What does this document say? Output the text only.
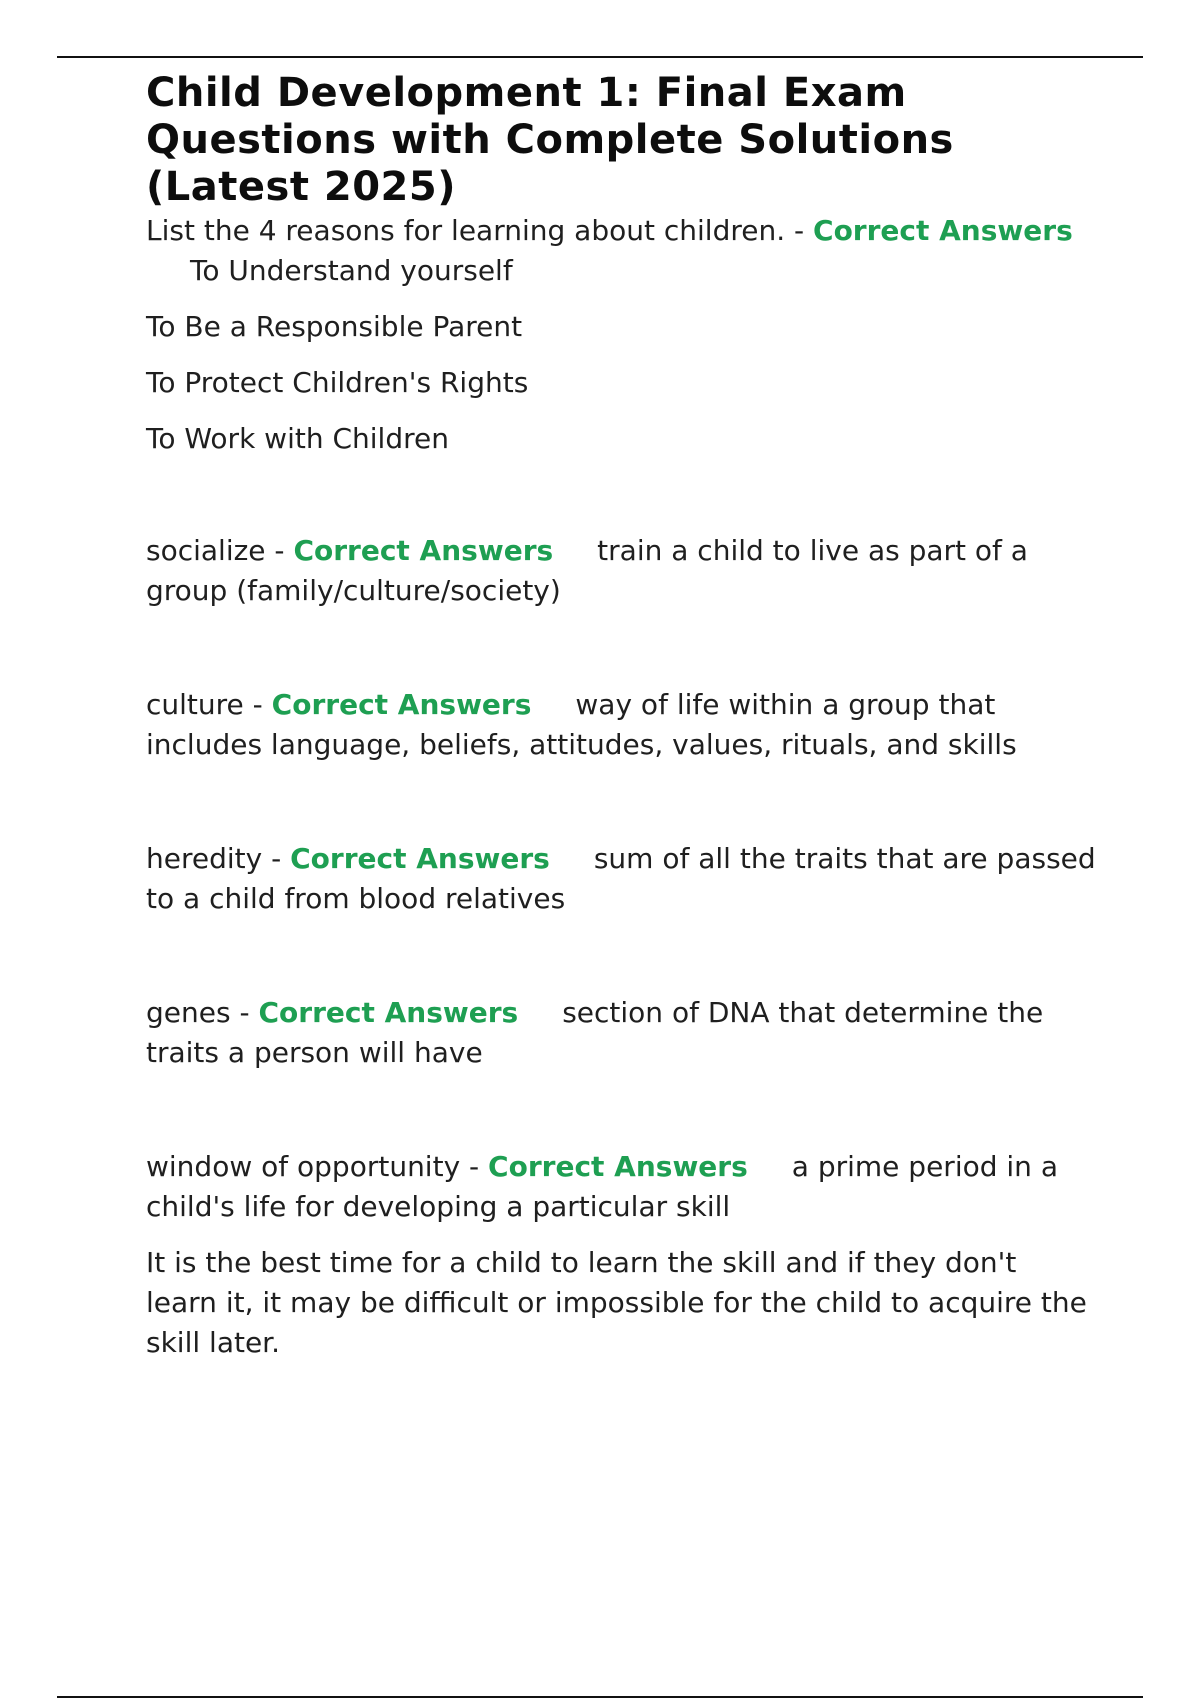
Child Development 1: Final Exam Questions with Complete Solutions (Latest 2025)

List the 4 reasons for learning about children. - Correct AnswersTo Understand yourself

To Be a Responsible Parent

To Protect Children's Rights

To Work with Children

socialize - Correct Answers train a child to live as part of a group (family/culture/society)

culture - Correct Answers way of life within a group that includes language, beliefs, attitudes, values, rituals, and skills

heredity - Correct Answers sum of all the traits that are passed to a child from blood relatives

genes - Correct Answers section of DNA that determine the traits a person will have

window of opportunity - Correct Answers a prime period in a child's life for developing a particular skill

It is the best time for a child to learn the skill and if they don't learn it, it may be difficult or impossible for the child to acquire the skill later.
